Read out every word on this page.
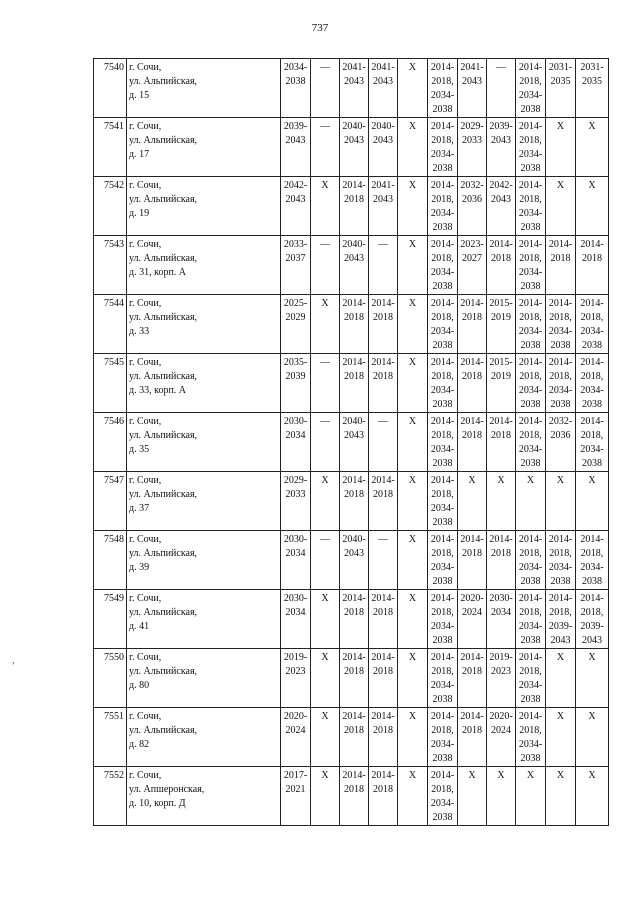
737
7540	г. Сочи,
ул. Альпийская,
д. 15	2034-
2038	—	2041-
2043	2041-
2043	X	2014-
2018,
2034-
2038	2041-
2043	—	2014-
2018,
2034-
2038	2031-
2035	2031-
2035
7541	г. Сочи,
ул. Альпийская,
д. 17	2039-
2043	—	2040-
2043	2040-
2043	X	2014-
2018,
2034-
2038	2029-
2033	2039-
2043	2014-
2018,
2034-
2038	X	X
7542	г. Сочи,
ул. Альпийская,
д. 19	2042-
2043	X	2014-
2018	2041-
2043	X	2014-
2018,
2034-
2038	2032-
2036	2042-
2043	2014-
2018,
2034-
2038	X	X
7543	г. Сочи,
ул. Альпийская,
д. 31, корп. А	2033-
2037	—	2040-
2043	—	X	2014-
2018,
2034-
2038	2023-
2027	2014-
2018	2014-
2018,
2034-
2038	2014-
2018	2014-
2018
7544	г. Сочи,
ул. Альпийская,
д. 33	2025-
2029	X	2014-
2018	2014-
2018	X	2014-
2018,
2034-
2038	2014-
2018	2015-
2019	2014-
2018,
2034-
2038	2014-
2018,
2034-
2038	2014-
2018,
2034-
2038
7545	г. Сочи,
ул. Альпийская,
д. 33, корп. А	2035-
2039	—	2014-
2018	2014-
2018	X	2014-
2018,
2034-
2038	2014-
2018	2015-
2019	2014-
2018,
2034-
2038	2014-
2018,
2034-
2038	2014-
2018,
2034-
2038
7546	г. Сочи,
ул. Альпийская,
д. 35	2030-
2034	—	2040-
2043	—	X	2014-
2018,
2034-
2038	2014-
2018	2014-
2018	2014-
2018,
2034-
2038	2032-
2036	2014-
2018,
2034-
2038
7547	г. Сочи,
ул. Альпийская,
д. 37	2029-
2033	X	2014-
2018	2014-
2018	X	2014-
2018,
2034-
2038	X	X	X	X	X
7548	г. Сочи,
ул. Альпийская,
д. 39	2030-
2034	—	2040-
2043	—	X	2014-
2018,
2034-
2038	2014-
2018	2014-
2018	2014-
2018,
2034-
2038	2014-
2018,
2034-
2038	2014-
2018,
2034-
2038
7549	г. Сочи,
ул. Альпийская,
д. 41	2030-
2034	X	2014-
2018	2014-
2018	X	2014-
2018,
2034-
2038	2020-
2024	2030-
2034	2014-
2018,
2034-
2038	2014-
2018,
2039-
2043	2014-
2018,
2039-
2043
7550	г. Сочи,
ул. Альпийская,
д. 80	2019-
2023	X	2014-
2018	2014-
2018	X	2014-
2018,
2034-
2038	2014-
2018	2019-
2023	2014-
2018,
2034-
2038	X	X
7551	г. Сочи,
ул. Альпийская,
д. 82	2020-
2024	X	2014-
2018	2014-
2018	X	2014-
2018,
2034-
2038	2014-
2018	2020-
2024	2014-
2018,
2034-
2038	X	X
7552	г. Сочи,
ул. Апшеронская,
д. 10, корп. Д	2017-
2021	X	2014-
2018	2014-
2018	X	2014-
2018,
2034-
2038	X	X	X	X	X
,
